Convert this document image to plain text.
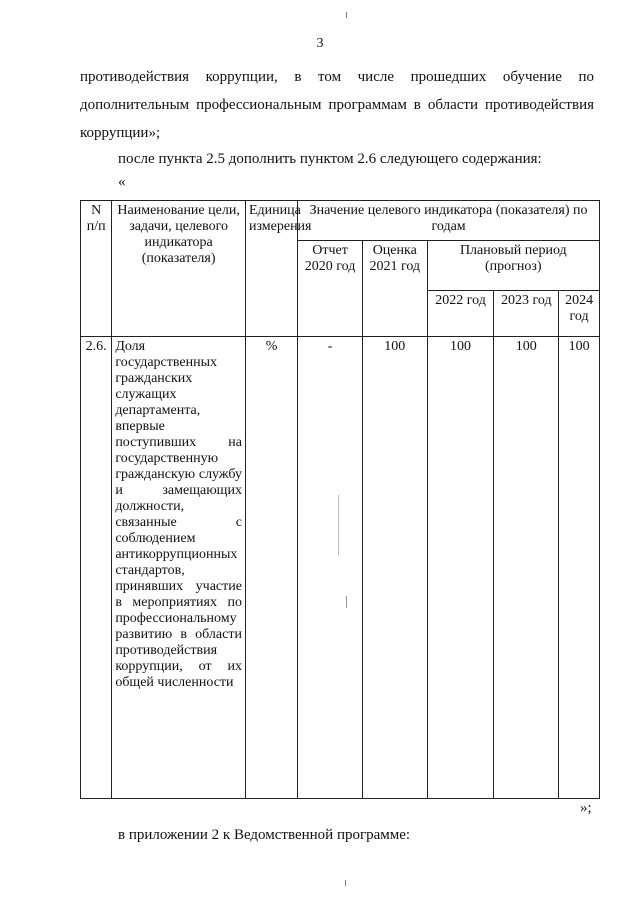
3
противодействия коррупции, в том числе прошедших обучение по
дополнительным профессиональным программам в области противодействия
коррупции»;
после пункта 2.5 дополнить пунктом 2.6 следующего содержания:
«
N п/п	Наименование цели, задачи, целевого индикатора (показателя)	Единица измерения	Значение целевого индикатора (показателя) по годам				
			Отчет 2020 год	Оценка 2021 год	Плановый период (прогноз)		
					2022 год	2023 год	2024 год
2.6.	Доля государственных гражданских служащих департамента, впервые поступивших на государственную гражданскую службу и замещающих должности, связанные с соблюдением антикоррупционных стандартов, принявших участие в мероприятиях по профессиональному развитию в области противодействия коррупции, от их общей численности	%	-	100	100	100	100
»;
в приложении 2 к Ведомственной программе:
